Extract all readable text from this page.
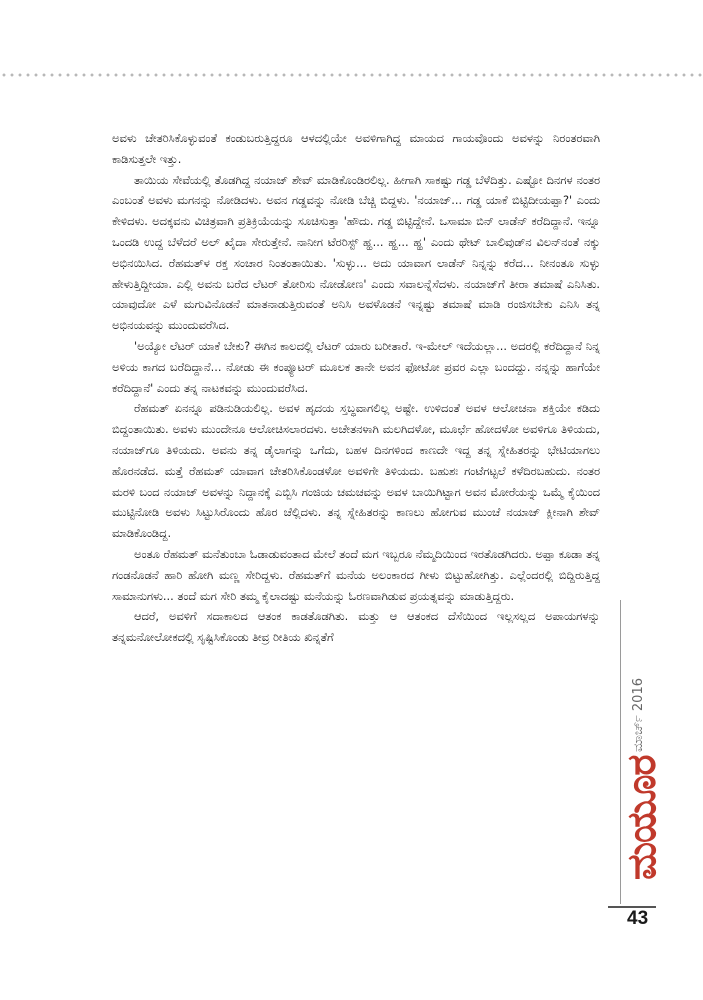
ಅವಳು ಚೇತರಿಸಿಕೊಳ್ಳುವಂತೆ ಕಂಡುಬರುತ್ತಿದ್ದರೂ ಆಳದಲ್ಲಿಯೇ ಅವಳಿಗಾಗಿದ್ದ ಮಾಯದ ಗಾಯವೊಂದು ಅವಳನ್ನು ನಿರಂತರವಾಗಿ ಕಾಡಿಸುತ್ತಲೇ ಇತ್ತು.

ತಾಯಿಯ ಸೇವೆಯಲ್ಲಿ ತೊಡಗಿದ್ದ ನಯಾಜ್ ಶೇವ್ ಮಾಡಿಕೊಂಡಿರಲಿಲ್ಲ. ಹೀಗಾಗಿ ಸಾಕಷ್ಟು ಗಡ್ಡ ಬೆಳೆದಿತ್ತು. ಎಷ್ಟೋ ದಿನಗಳ ನಂತರ ಎಂಬಂತೆ ಅವಳು ಮಗನನ್ನು ನೋಡಿದಳು. ಅವನ ಗಡ್ಡವನ್ನು ನೋಡಿ ಬೆಚ್ಚಿ ಬಿದ್ದಳು. 'ನಯಾಜ್... ಗಡ್ಡ ಯಾಕೆ ಬಿಟ್ಟಿದೀಯಪ್ಪಾ?' ಎಂದು ಕೇಳಿದಳು. ಅದಕ್ಕವನು ವಿಚಿತ್ರವಾಗಿ ಪ್ರತಿಕ್ರಿಯೆಯನ್ನು ಸೂಚಿಸುತ್ತಾ 'ಹೌದು. ಗಡ್ಡ ಬಿಟ್ಟಿದ್ದೇನೆ. ಒಸಾಮಾ ಬಿನ್ ಲಾಡೆನ್ ಕರೆದಿದ್ದಾನೆ. ಇನ್ನೂ ಒಂದಡಿ ಉದ್ದ ಬೆಳೆದರೆ ಅಲ್ ಖೈದಾ ಸೇರುತ್ತೇನೆ. ನಾನೀಗ ಟೆರರಿಸ್ಟ್ ಹ್ಹ... ಹ್ಹ... ಹ್ಹ' ಎಂದು ಥೇಟ್ ಬಾಲಿವುಡ್‌ನ ವಿಲನ್‌ನಂತೆ ನಕ್ಕು ಅಭಿನಯಿಸಿದ. ರೆಹಮತ್‌ಳ ರಕ್ತ ಸಂಚಾರ ನಿಂತಂತಾಯಿತು. 'ಸುಳ್ಳು... ಅದು ಯಾವಾಗ ಲಾಡೆನ್ ನಿನ್ನನ್ನು ಕರೆದ... ನೀನಂತೂ ಸುಳ್ಳು ಹೇಳುತ್ತಿದ್ದೀಯಾ. ಎಲ್ಲಿ ಅವನು ಬರೆದ ಲೆಟರ್ ತೋರಿಸು ನೋಡೋಣ' ಎಂದು ಸವಾಲನ್ನೆಸೆದಳು. ನಯಾಜ್‌ಗೆ ತೀರಾ ತಮಾಷೆ ಎನಿಸಿತು. ಯಾವುದೋ ಎಳೆ ಮಗುವಿನೊಡನೆ ಮಾತನಾಡುತ್ತಿರುವಂತೆ ಅನಿಸಿ ಅವಳೊಡನೆ ಇನ್ನಷ್ಟು ತಮಾಷೆ ಮಾಡಿ ರಂಜಿಸಬೇಕು ಎನಿಸಿ ತನ್ನ ಅಭಿನಯವನ್ನು ಮುಂದುವರೆಸಿದ.

'ಅಯ್ಯೋ ಲೆಟರ್ ಯಾಕೆ ಬೇಕು? ಈಗಿನ ಕಾಲದಲ್ಲಿ ಲೆಟರ್ ಯಾರು ಬರೀತಾರೆ. ಇ-ಮೇಲ್ ಇದೆಯಲ್ಲಾ... ಅದರಲ್ಲಿ ಕರೆದಿದ್ದಾನೆ ನಿನ್ನ ಅಳಿಯ ಕಾಗದ ಬರೆದಿದ್ದಾನೆ... ನೋಡು ಈ ಕಂಪ್ಯೂಟರ್ ಮೂಲಕ ತಾನೇ ಅವನ ಫೋಟೋ ಪ್ರವರ ಎಲ್ಲಾ ಬಂದದ್ದು. ನನ್ನನ್ನು ಹಾಗೆಯೇ ಕರೆದಿದ್ದಾನೆ' ಎಂದು ತನ್ನ ನಾಟಕವನ್ನು ಮುಂದುವರೆಸಿದ.

ರೆಹಮತ್ ಏನನ್ನೂ ಪಡಿನುಡಿಯಲಿಲ್ಲ. ಅವಳ ಹೃದಯ ಸ್ತಬ್ಧವಾಗಲಿಲ್ಲ ಅಷ್ಟೇ. ಉಳಿದಂತೆ ಅವಳ ಆಲೋಚನಾ ಶಕ್ತಿಯೇ ಕಡಿದು ಬಿದ್ದಂತಾಯಿತು. ಅವಳು ಮುಂದೇನೂ ಆಲೋಚಿಸಲಾರದಳು. ಅಚೇತನಳಾಗಿ ಮಲಗಿದಳೋ, ಮೂರ್ಛೆ ಹೋದಳೋ ಅವಳಿಗೂ ತಿಳಿಯದು, ನಯಾಜ್‌ಗೂ ತಿಳಿಯದು. ಅವನು ತನ್ನ ಡೈಲಾಗನ್ನು ಒಗೆದು, ಬಹಳ ದಿನಗಳಿಂದ ಕಾಣದೇ ಇದ್ದ ತನ್ನ ಸ್ನೇಹಿತರನ್ನು ಭೇಟಿಯಾಗಲು ಹೊರನಡೆದ. ಮತ್ತೆ ರೆಹಮತ್ ಯಾವಾಗ ಚೇತರಿಸಿಕೊಂಡಳೋ ಅವಳಿಗೇ ತಿಳಿಯದು. ಬಹುಶಃ ಗಂಟೆಗಟ್ಟಲೆ ಕಳೆದಿರಬಹುದು. ನಂತರ ಮರಳಿ ಬಂದ ನಯಾಜ್ ಅವಳನ್ನು ನಿದ್ದಾನಕ್ಕೆ ಎಬ್ಬಿಸಿ ಗಂಜಿಯ ಚಮಚವನ್ನು ಅವಳ ಬಾಯಿಗಿಟ್ಟಾಗ ಅವನ ಮೋರೆಯನ್ನು ಒಮ್ಮೆ ಕೈಯಿಂದ ಮುಟ್ಟಿನೋಡಿ ಅವಳು ಸಿಟ್ಟುಸಿರೊಂದು ಹೊರ ಚೆಲ್ಲಿದಳು. ತನ್ನ ಸ್ನೇಹಿತರನ್ನು ಕಾಣಲು ಹೋಗುವ ಮುಂಚೆ ನಯಾಜ್ ಕ್ಲೀನಾಗಿ ಶೇವ್ ಮಾಡಿಕೊಂಡಿದ್ದ.

ಅಂತೂ ರೆಹಮತ್ ಮನೆತುಂಬಾ ಓಡಾಡುವಂತಾದ ಮೇಲೆ ತಂದೆ ಮಗ ಇಬ್ಬರೂ ನೆಮ್ಮದಿಯಿಂದ ಇರತೊಡಗಿದರು. ಅಪ್ಪಾ ಕೂಡಾ ತನ್ನ ಗಂಡನೊಡನೆ ಹಾರಿ ಹೋಗಿ ಮಣ್ಣ ಸೇರಿದ್ದಳು. ರೆಹಮತ್‌ಗೆ ಮನೆಯ ಅಲಂಕಾರದ ಗೀಳು ಬಿಟ್ಟುಹೋಗಿತ್ತು. ಎಲ್ಲೆಂದರಲ್ಲಿ ಬಿದ್ದಿರುತ್ತಿದ್ದ ಸಾಮಾನುಗಳು... ತಂದೆ ಮಗ ಸೇರಿ ತಮ್ಮ ಕೈಲಾದಷ್ಟು ಮನೆಯನ್ನು ಓರಣವಾಗಿಡುವ ಪ್ರಯತ್ನವನ್ನು ಮಾಡುತ್ತಿದ್ದರು.

ಆದರೆ, ಅವಳಿಗೆ ಸದಾಕಾಲದ ಆತಂಕ ಕಾಡತೊಡಗಿತು. ಮತ್ತು ಆ ಆತಂಕದ ದೆಸೆಯಿಂದ ಇಲ್ಲಸಲ್ಲದ ಅಪಾಯಗಳನ್ನು ತನ್ನಮನೋಲೋಕದಲ್ಲಿ ಸೃಷ್ಟಿಸಿಕೊಂಡು ತೀವ್ರ ರೀತಿಯ ಖಿನ್ನತೆಗೆ

ಮಾರ್ಚ್ 2016
ಮಯೂರ
43
